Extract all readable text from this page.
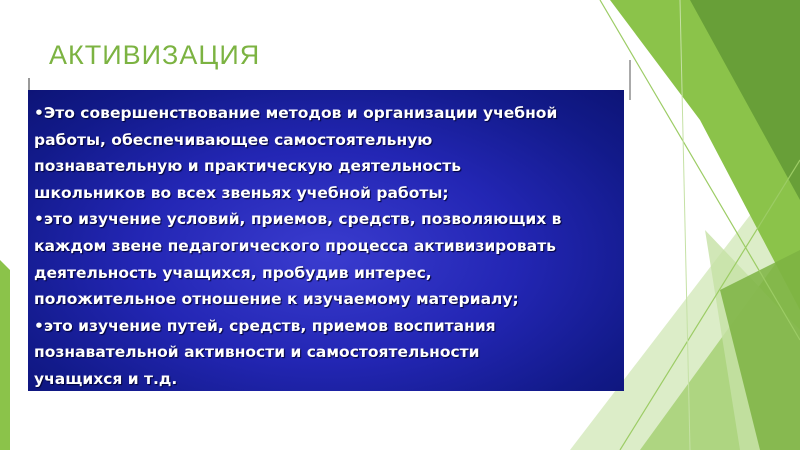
АКТИВИЗАЦИЯ
•Это совершенствование методов и организации учебной
работы, обеспечивающее самостоятельную
познавательную и практическую деятельность
школьников во всех звеньях учебной работы;
•это изучение условий, приемов, средств, позволяющих в
каждом звене педагогического процесса активизировать
деятельность учащихся, пробудив интерес,
положительное отношение к изучаемому материалу;
•это изучение путей, средств, приемов воспитания
познавательной активности и самостоятельности
учащихся и т.д.
